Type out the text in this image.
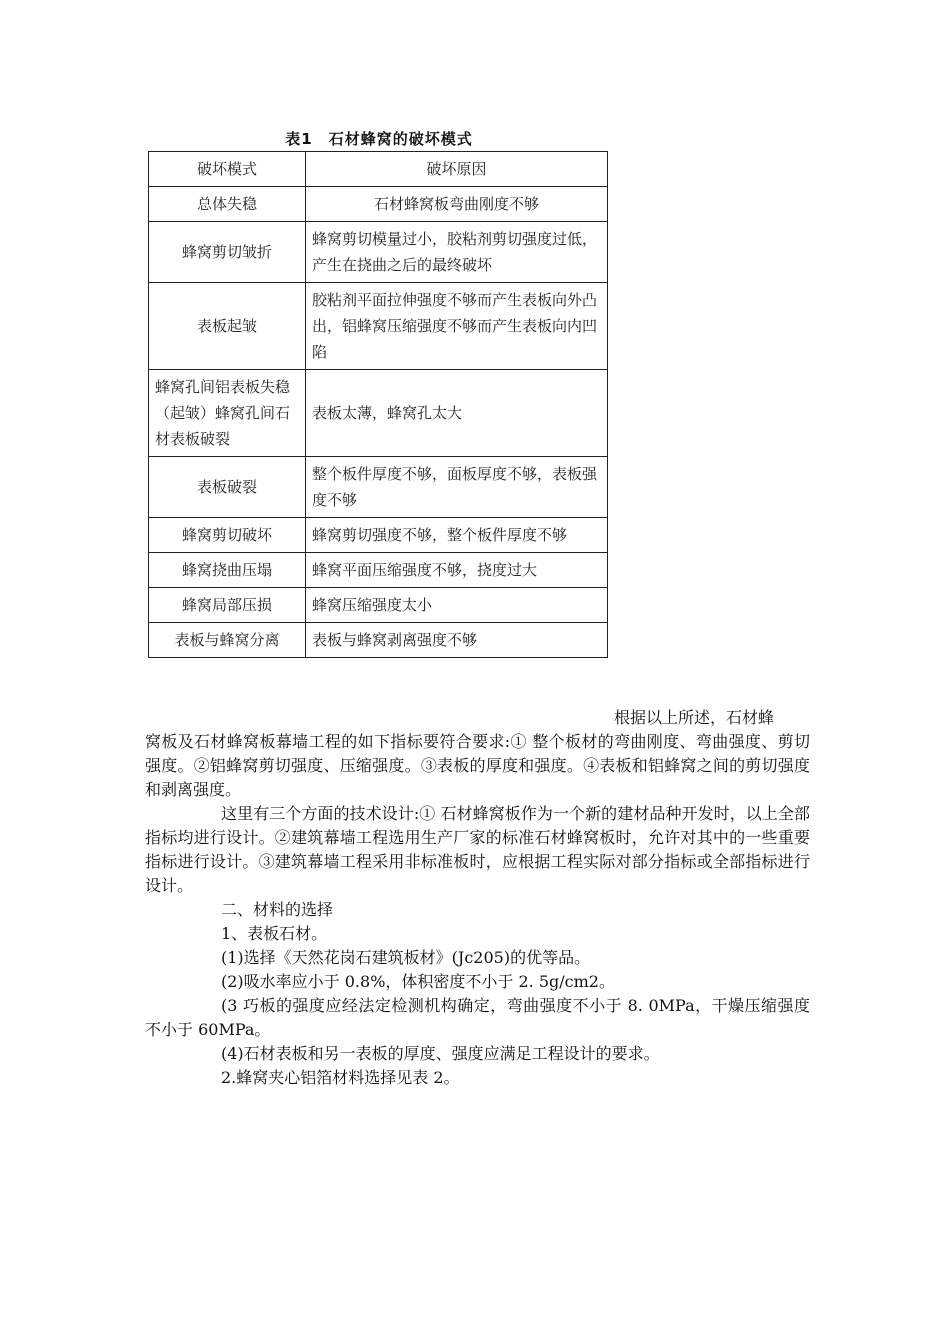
表1　石材蜂窝的破坏模式
破坏模式	破坏原因
总体失稳	石材蜂窝板弯曲刚度不够
蜂窝剪切皱折	蜂窝剪切模量过小，胶粘剂剪切强度过低，产生在挠曲之后的最终破坏
表板起皱	胶粘剂平面拉伸强度不够而产生表板向外凸出，铝蜂窝压缩强度不够而产生表板向内凹陷
蜂窝孔间铝表板失稳（起皱）蜂窝孔间石材表板破裂	表板太薄，蜂窝孔太大
表板破裂	整个板件厚度不够，面板厚度不够，表板强度不够
蜂窝剪切破坏	蜂窝剪切强度不够，整个板件厚度不够
蜂窝挠曲压塌	蜂窝平面压缩强度不够，挠度过大
蜂窝局部压损	蜂窝压缩强度太小
表板与蜂窝分离	表板与蜂窝剥离强度不够
根据以上所述，石材蜂

窝板及石材蜂窝板幕墙工程的如下指标要符合要求:① 整个板材的弯曲刚度、弯曲强度、剪切强度。②铝蜂窝剪切强度、压缩强度。③表板的厚度和强度。④表板和铝蜂窝之间的剪切强度和剥离强度。

这里有三个方面的技术设计:① 石材蜂窝板作为一个新的建材品种开发时，以上全部指标均进行设计。②建筑幕墙工程选用生产厂家的标准石材蜂窝板时，允许对其中的一些重要指标进行设计。③建筑幕墙工程采用非标准板时，应根据工程实际对部分指标或全部指标进行设计。

二、材料的选择

1、表板石材。

(1)选择《天然花岗石建筑板材》(Jc205)的优等品。

(2)吸水率应小于 0.8%，体积密度不小于 2. 5g/cm2。

(3 巧板的强度应经法定检测机构确定，弯曲强度不小于 8. 0MPa，干燥压缩强度不小于 60MPa。

(4)石材表板和另一表板的厚度、强度应满足工程设计的要求。

2.蜂窝夹心铝箔材料选择见表 2。
